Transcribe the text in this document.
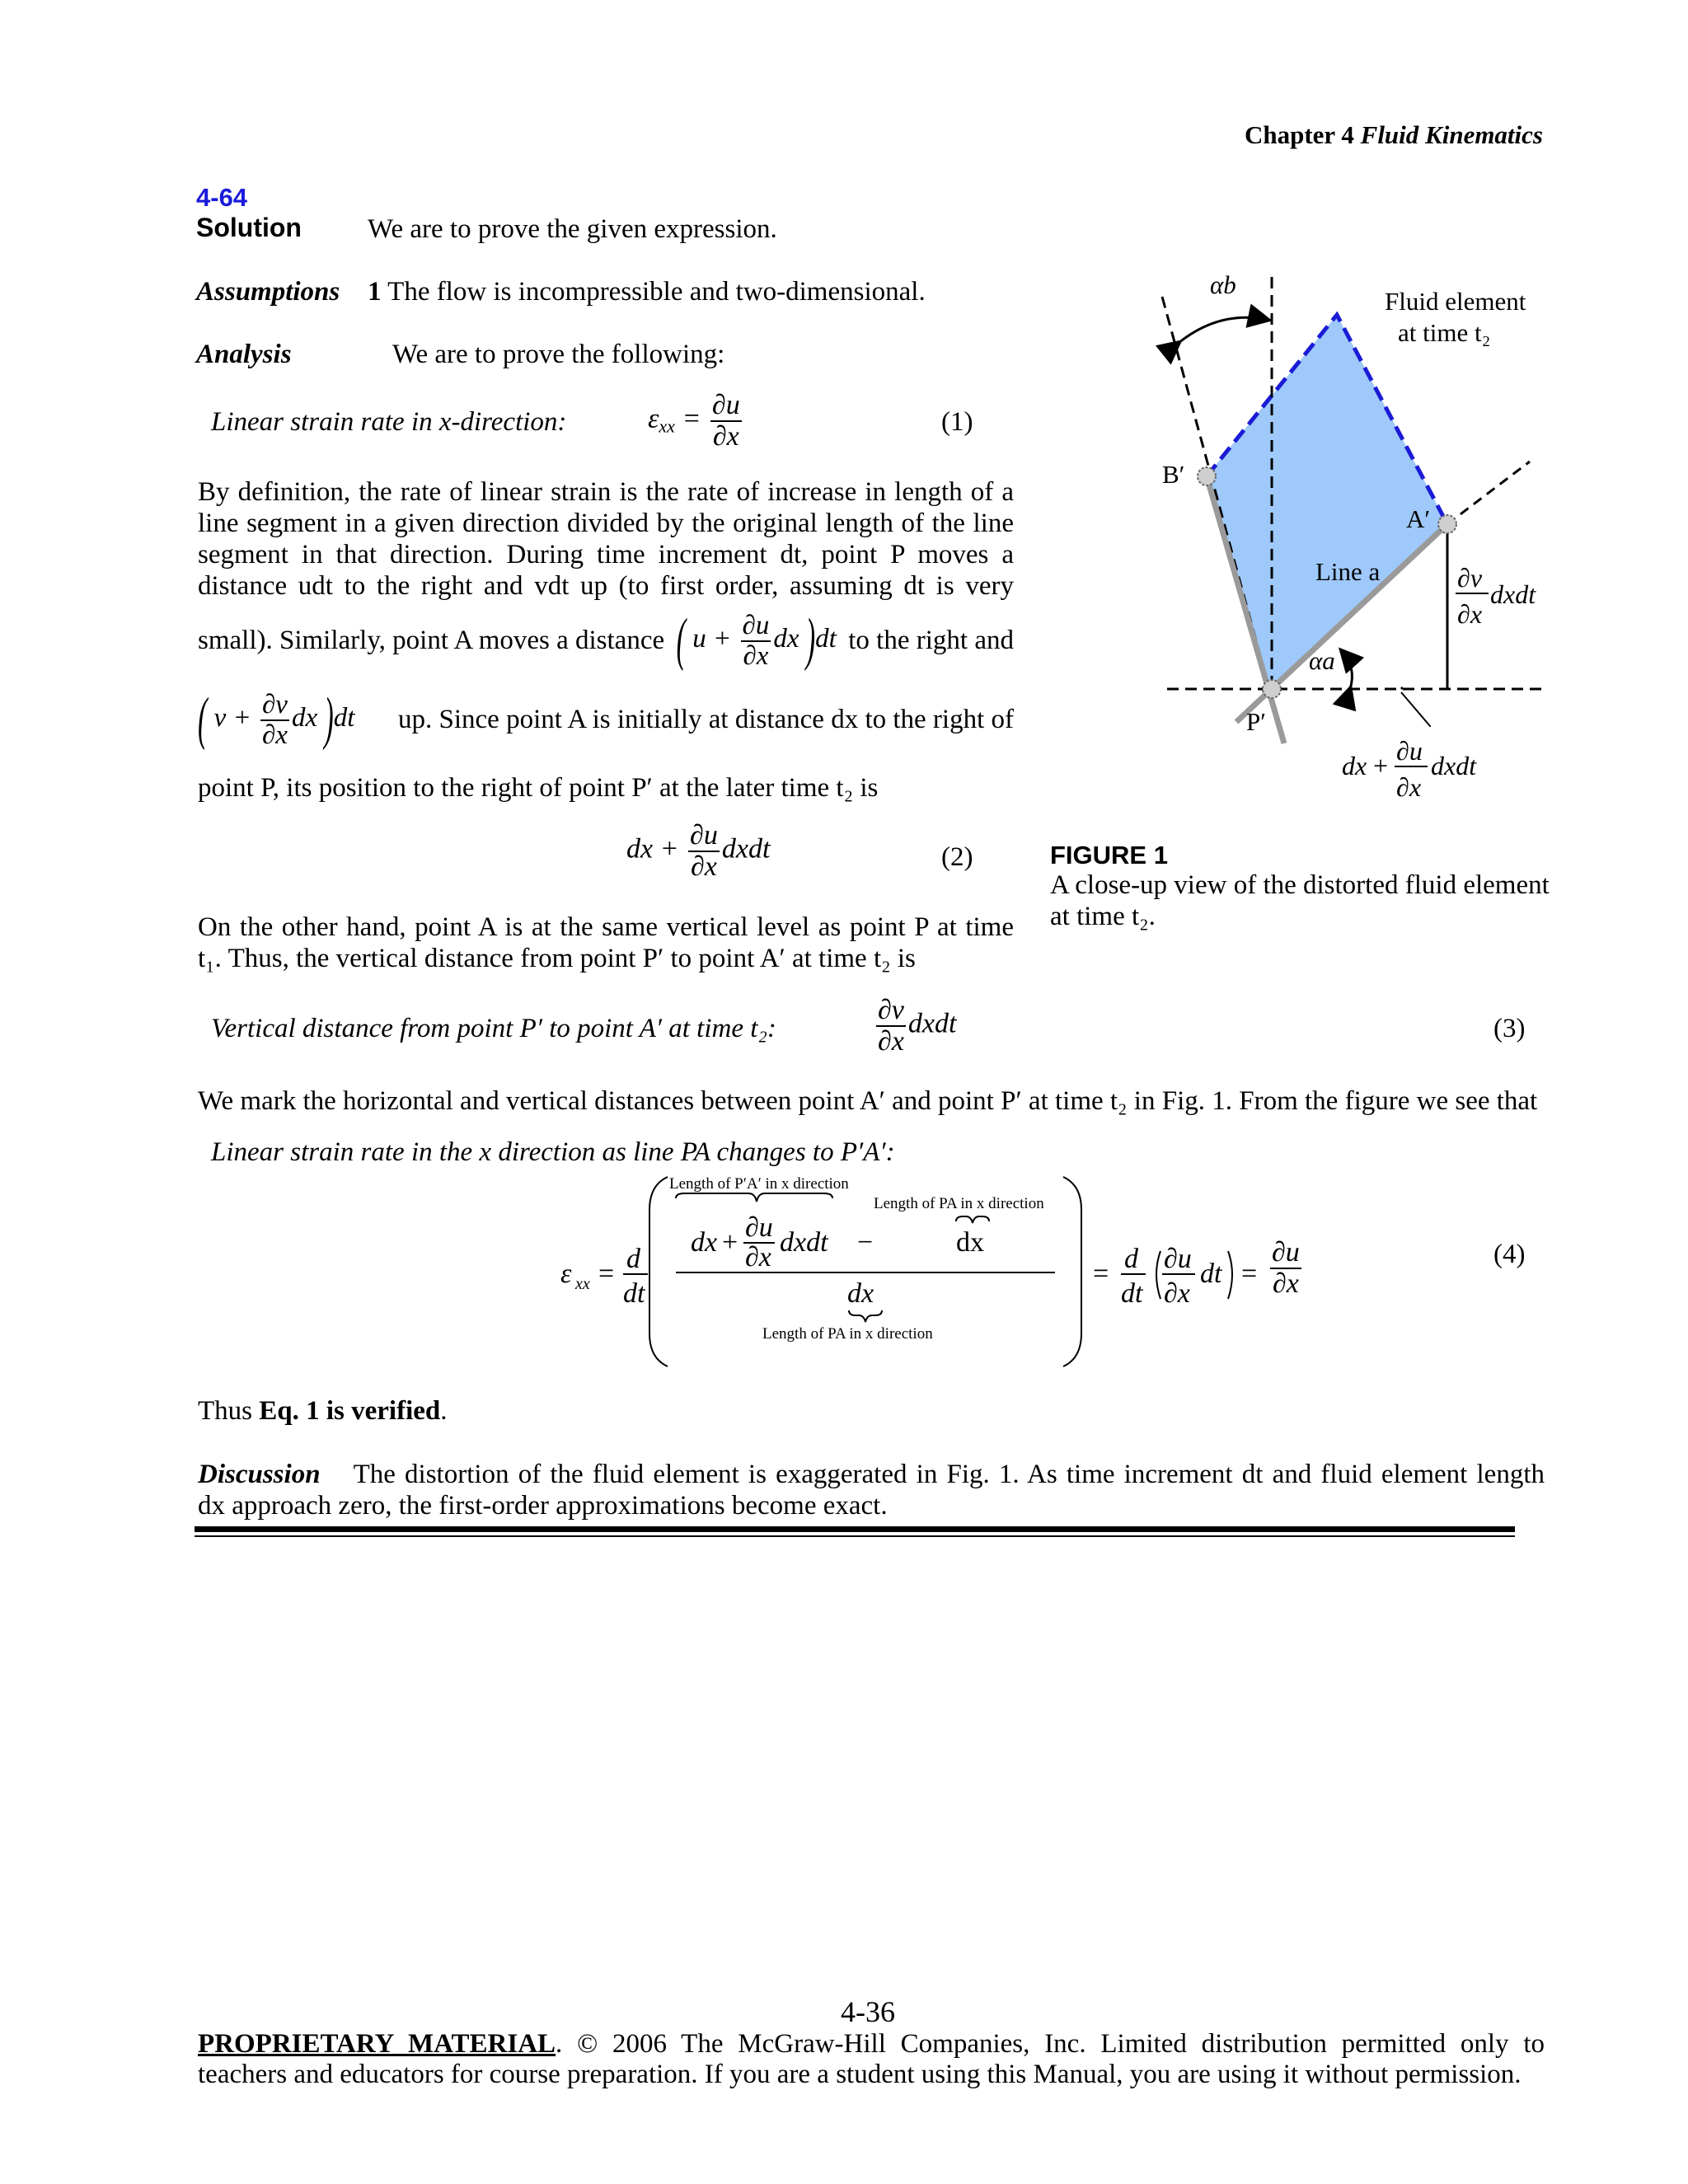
Chapter 4 Fluid Kinematics
4-64
Solution We are to prove the given expression.
Assumptions 1 The flow is incompressible and two-dimensional.
Analysis	We are to prove the following:
Linear strain rate in x-direction:	$\varepsilon_{xx} = \frac{\partial u}{\partial x}$	(1)
By definition, the rate of linear strain is the rate of increase in length of a
line segment in a given direction divided by the original length of the line
segment in that direction. During time increment dt, point P moves a
distance udt to the right and vdt up (to first order, assuming dt is very
small). Similarly, point A moves a distance ( $u + \frac{\partial u}{\partial x}$ dx )dt to the right and
( $v + \frac{\partial v}{\partial x}$ dx )dt up. Since point A is initially at distance dx to the right of
point P, its position to the right of point P′ at the later time t₂ is
dx + $\frac{\partial u}{\partial x}$ dxdt	(2)
On the other hand, point A is at the same vertical level as point P at time
t₁. Thus, the vertical distance from point P′ to point A′ at time t₂ is
Vertical distance from point P′ to point A′ at time t₂:	$\frac{\partial v}{\partial x}$ dxdt	(3)
We mark the horizontal and vertical distances between point A′ and point P′ at time t₂ in Fig. 1. From the figure we see that
Linear strain rate in the x direction as line PA changes to P′A′:
ε xx = d
dt
Length of P′A′ in x direction
Length of PA in x direction
dx + ∂u
∂x dxdt −	dx
dx
Length of PA in x direction
= d
dt
∂u
∂x
dt = $\frac{\partial u}{\partial x}$	(4)
Thus Eq. 1 is verified.
Discussion The distortion of the fluid element is exaggerated in Fig. 1. As time increment dt and fluid element length
dx approach zero, the first-order approximations become exact.
Fluid element
at time t₂
αb
B′
A′
Line a
αa
P′
∂v
∂x
dxdt
dx + ∂u
∂x
dxdt
FIGURE 1
A close-up view of the distorted fluid element
at time t₂.
4-36
PROPRIETARY MATERIAL. © 2006 The McGraw-Hill Companies, Inc. Limited distribution permitted only to
teachers and educators for course preparation. If you are a student using this Manual, you are using it without permission.
